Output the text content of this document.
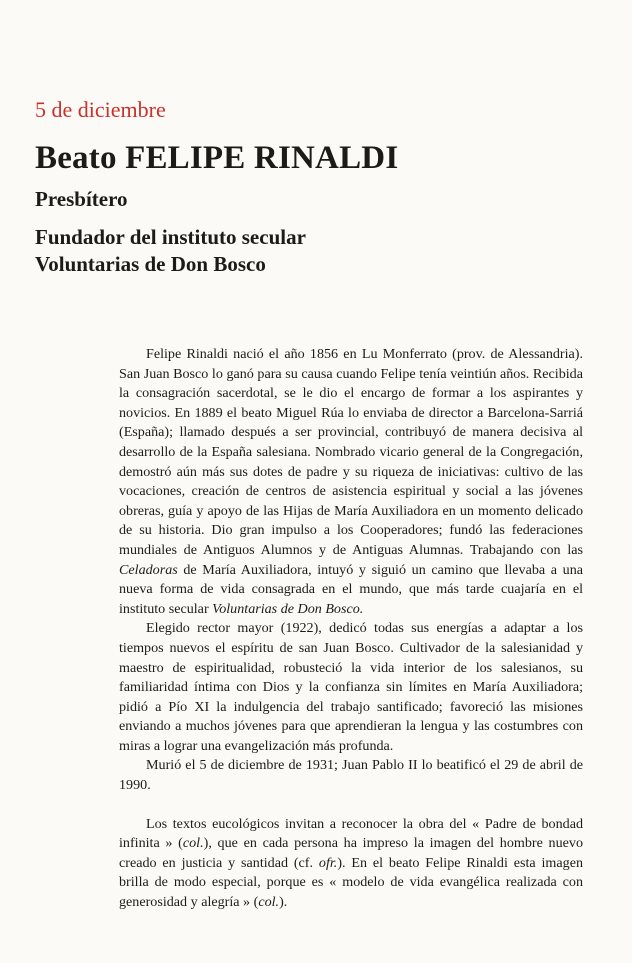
5 de diciembre
Beato FELIPE RINALDI
Presbítero
Fundador del instituto secular
Voluntarias de Don Bosco

Felipe Rinaldi nació el año 1856 en Lu Monferrato (prov. de Alessandria). San Juan Bosco lo ganó para su causa cuando Felipe tenía veintiún años. Recibida la consagración sacerdotal, se le dio el encargo de formar a los aspirantes y novicios. En 1889 el beato Miguel Rúa lo enviaba de director a Barcelona-Sarriá (España); llamado después a ser provincial, contribuyó de manera decisiva al desarrollo de la España salesiana. Nombrado vicario general de la Congregación, demostró aún más sus dotes de padre y su riqueza de iniciativas: cultivo de las vocaciones, creación de centros de asistencia espiritual y social a las jóvenes obreras, guía y apoyo de las Hijas de María Auxiliadora en un momento delicado de su historia. Dio gran impulso a los Cooperadores; fundó las federaciones mundiales de Antiguos Alumnos y de Antiguas Alumnas. Trabajando con las Celadoras de María Auxiliadora, intuyó y siguió un camino que llevaba a una nueva forma de vida consagrada en el mundo, que más tarde cuajaría en el instituto secular Voluntarias de Don Bosco.

Elegido rector mayor (1922), dedicó todas sus energías a adaptar a los tiempos nuevos el espíritu de san Juan Bosco. Cultivador de la salesianidad y maestro de espiritualidad, robusteció la vida interior de los salesianos, su familiaridad íntima con Dios y la confianza sin límites en María Auxiliadora; pidió a Pío XI la indulgencia del trabajo santificado; favoreció las misiones enviando a muchos jóvenes para que aprendieran la lengua y las costumbres con miras a lograr una evangelización más profunda.

Murió el 5 de diciembre de 1931; Juan Pablo II lo beatificó el 29 de abril de 1990.

Los textos eucológicos invitan a reconocer la obra del « Padre de bondad infinita » (col.), que en cada persona ha impreso la imagen del hombre nuevo creado en justicia y santidad (cf. ofr.). En el beato Felipe Rinaldi esta imagen brilla de modo especial, porque es « modelo de vida evangélica realizada con generosidad y alegría » (col.).
